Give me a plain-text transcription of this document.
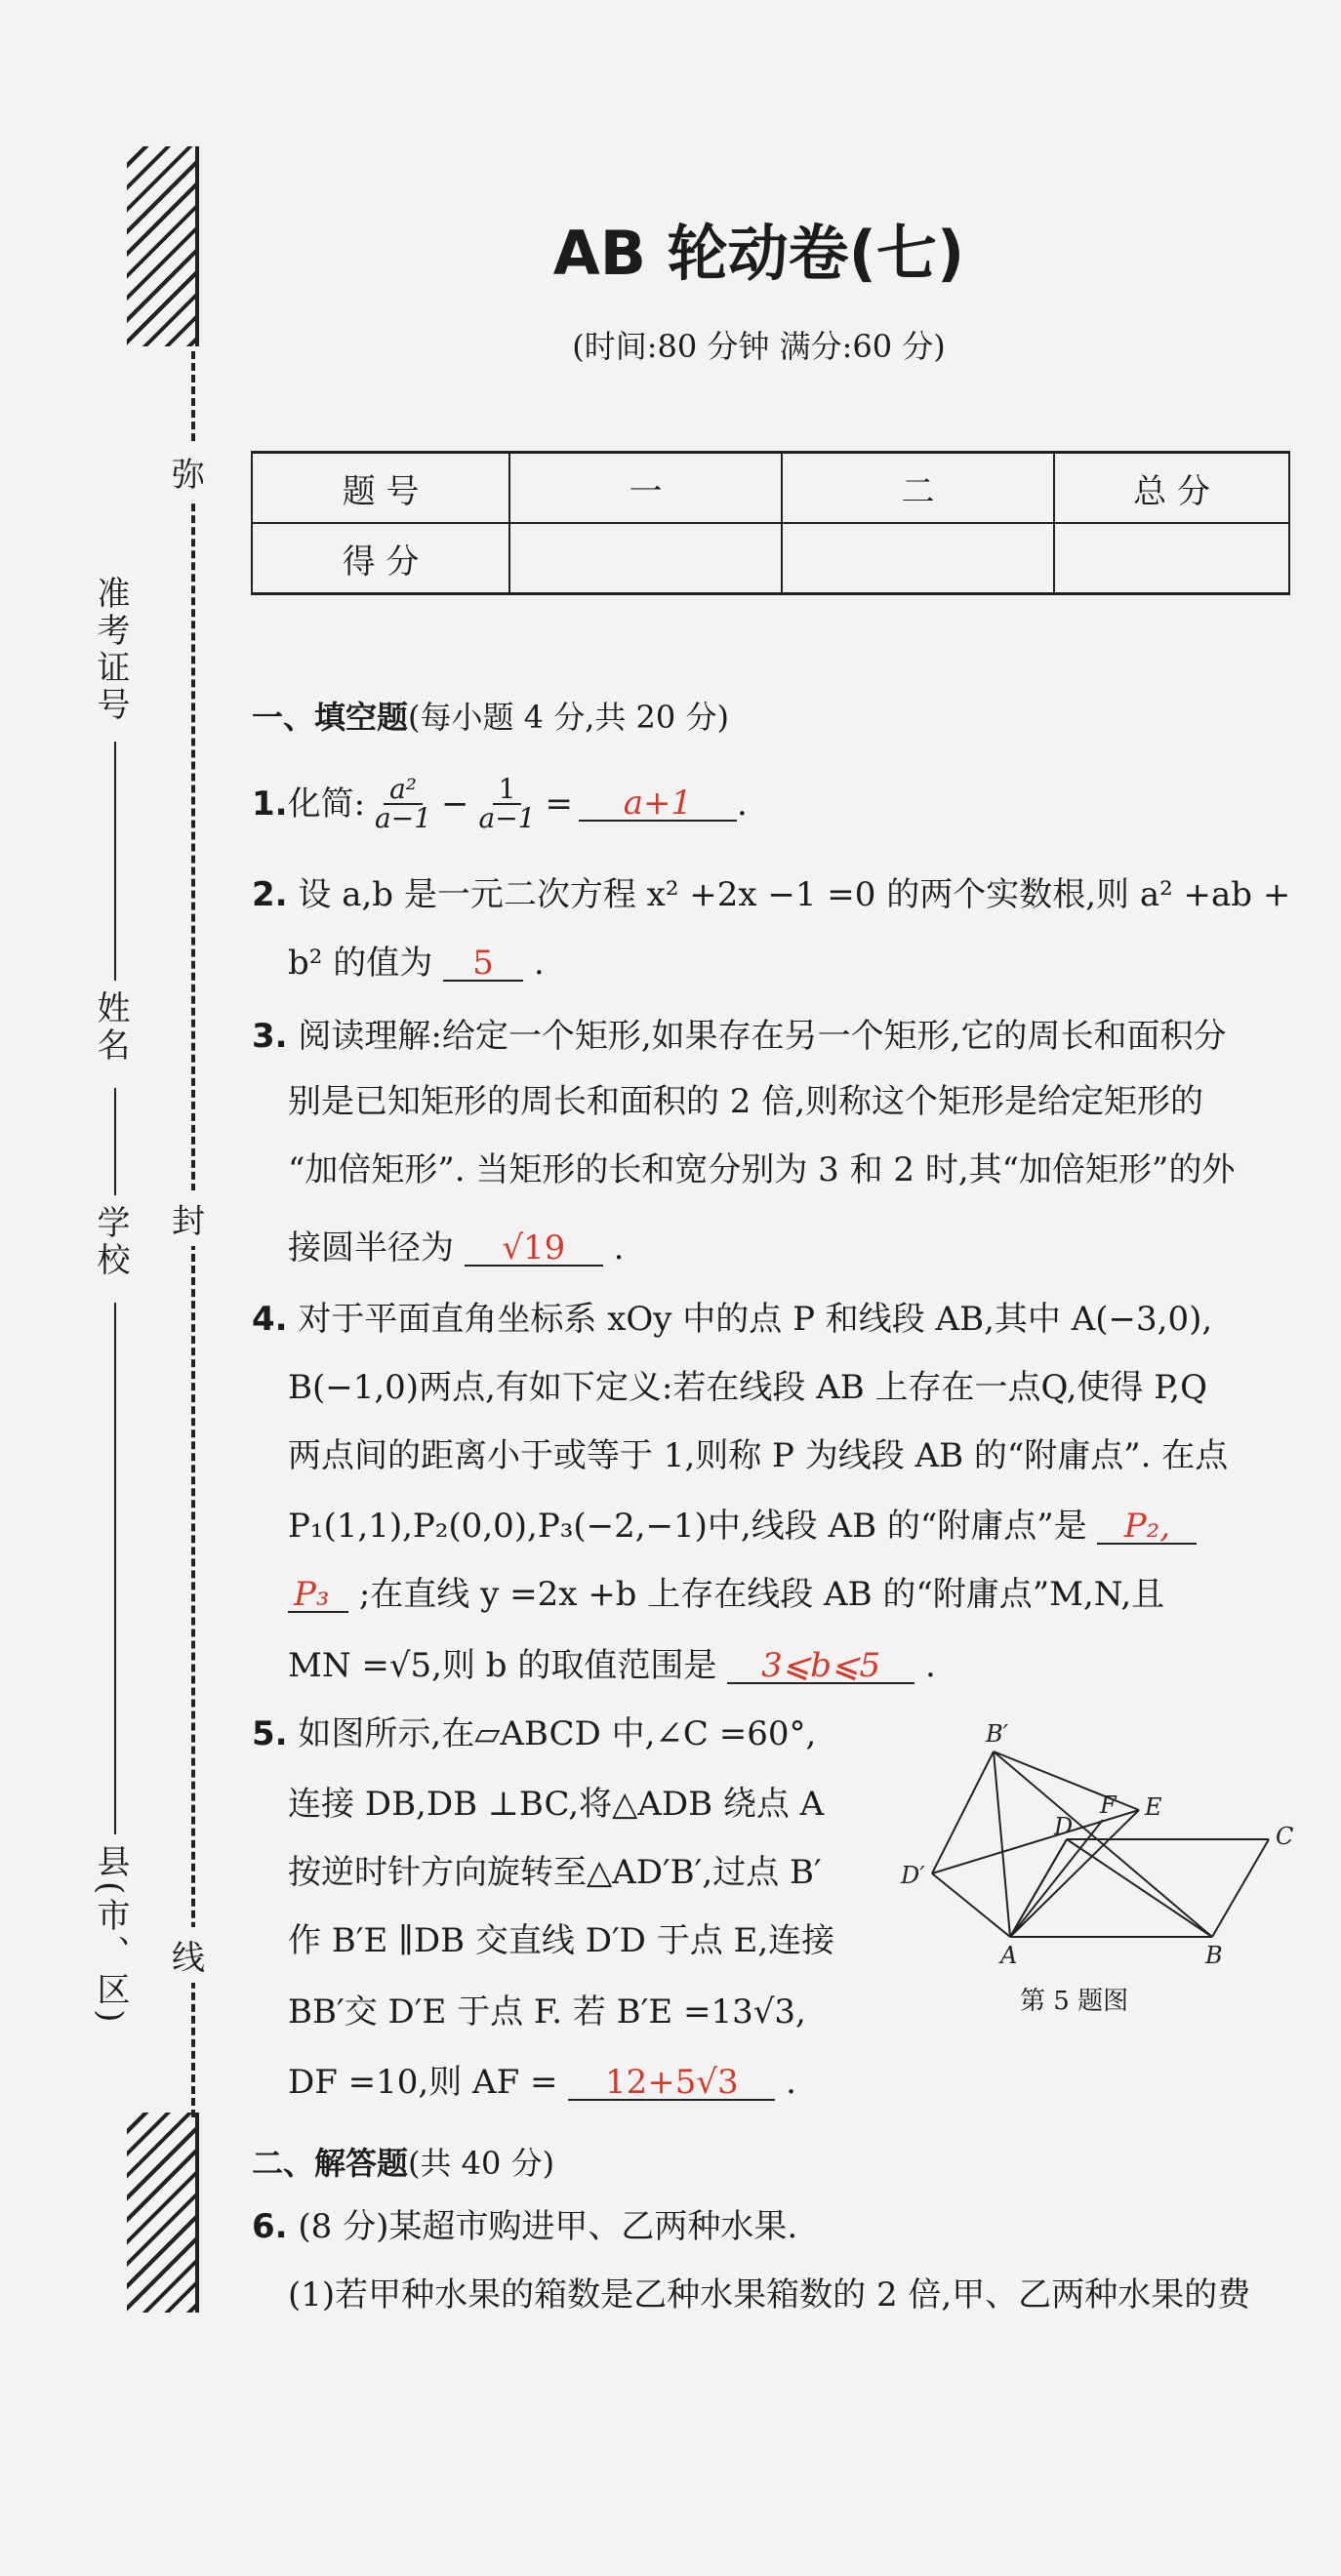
弥
封
线
准考证号
姓名
学校
县(市、区)
AB 轮动卷(七)
(时间:80 分钟 满分:60 分)
题 号	一	二	总 分
得 分			
一、填空题(每小题 4 分,共 20 分)
1. 化简: $\frac{\text{a²}}{a-1} - \frac{1}{a-1}$ =	a+1	.
2. 设 a,b 是一元二次方程 x² +2x −1 =0 的两个实数根,则 a² +ab +
b² 的值为 5 .
3. 阅读理解:给定一个矩形,如果存在另一个矩形,它的周长和面积分
别是已知矩形的周长和面积的 2 倍,则称这个矩形是给定矩形的
“加倍矩形”. 当矩形的长和宽分别为 3 和 2 时,其“加倍矩形”的外
接圆半径为 √19 .
4. 对于平面直角坐标系 xOy 中的点 P 和线段 AB,其中 A(−3,0),
B(−1,0)两点,有如下定义:若在线段 AB 上存在一点Q,使得 P,Q
两点间的距离小于或等于 1,则称 P 为线段 AB 的“附庸点”. 在点
P₁(1,1),P₂(0,0),P₃(−2,−1)中,线段 AB 的“附庸点”是 P₂,
P₃ ;在直线 y =2x +b 上存在线段 AB 的“附庸点”M,N,且
MN =√5,则 b 的取值范围是 3⩽b⩽5 .
5. 如图所示,在▱ABCD 中,∠C =60°,
连接 DB,DB ⊥BC,将△ADB 绕点 A
按逆时针方向旋转至△AD′B′,过点 B′
作 B′E ∥DB 交直线 D′D 于点 E,连接
BB′交 D′E 于点 F. 若 B′E =13√3,
DF =10,则 AF = 12+5√3 .
B′
F E
D	C
D′
A	B
第 5 题图
二、解答题(共 40 分)
6. (8 分)某超市购进甲、乙两种水果.
(1)若甲种水果的箱数是乙种水果箱数的 2 倍,甲、乙两种水果的费
